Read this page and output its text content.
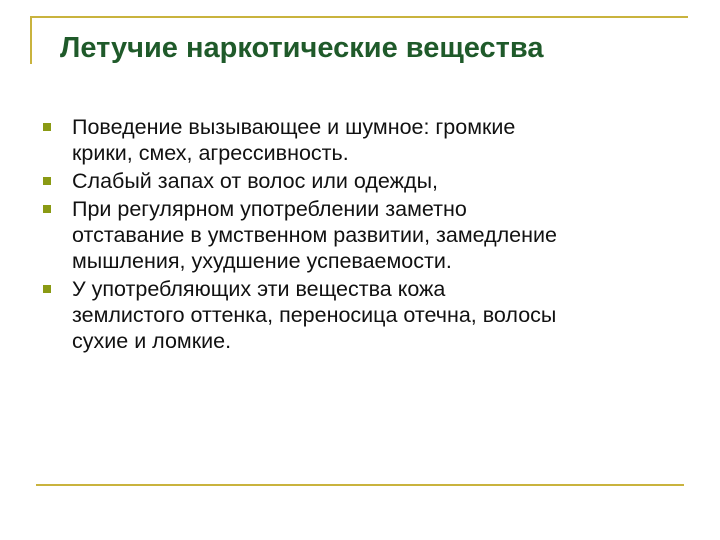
Летучие наркотические вещества
Поведение вызывающее и шумное: громкие
крики, смех, агрессивность.
Слабый запах от волос или одежды,
При регулярном употреблении заметно
отставание в умственном развитии, замедление
мышления, ухудшение успеваемости.
У употребляющих эти вещества кожа
землистого оттенка, переносица отечна, волосы
сухие и ломкие.
